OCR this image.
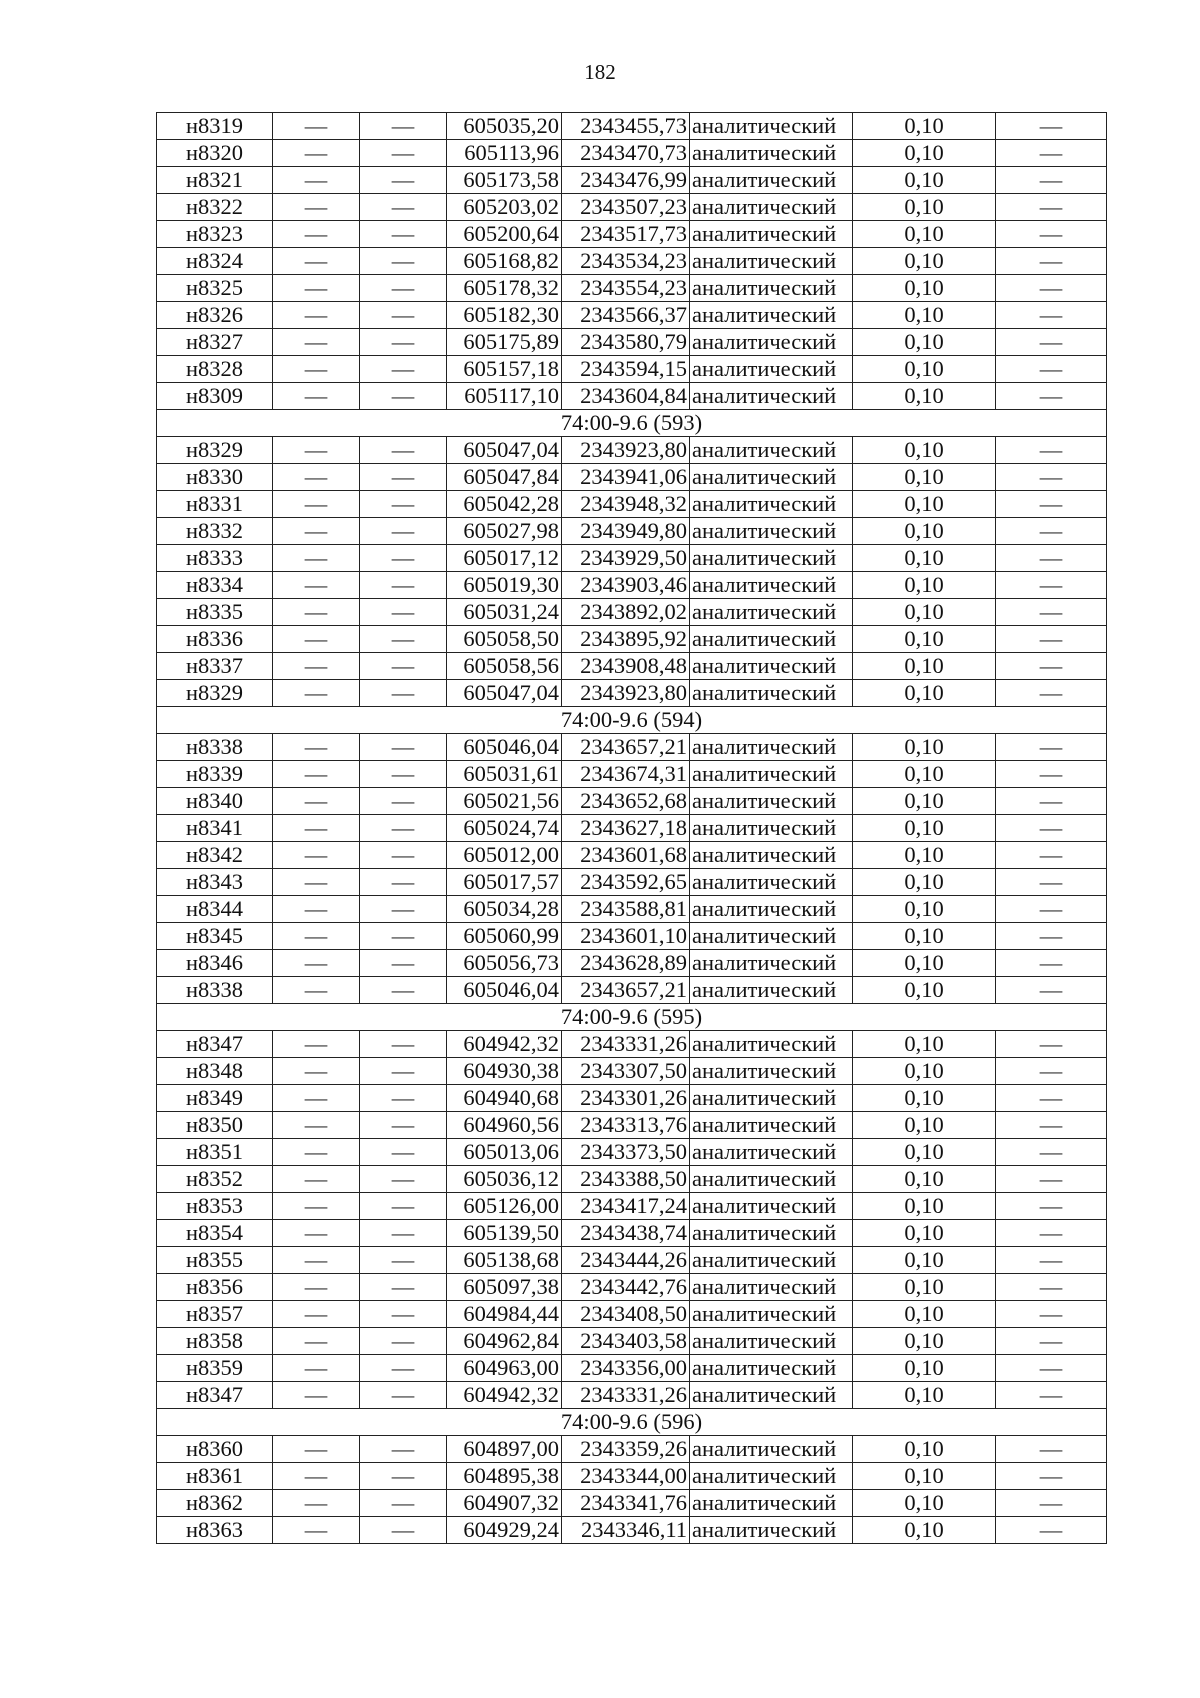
182
н8319	—	—	605035,20	2343455,73	аналитический	0,10	—
н8320	—	—	605113,96	2343470,73	аналитический	0,10	—
н8321	—	—	605173,58	2343476,99	аналитический	0,10	—
н8322	—	—	605203,02	2343507,23	аналитический	0,10	—
н8323	—	—	605200,64	2343517,73	аналитический	0,10	—
н8324	—	—	605168,82	2343534,23	аналитический	0,10	—
н8325	—	—	605178,32	2343554,23	аналитический	0,10	—
н8326	—	—	605182,30	2343566,37	аналитический	0,10	—
н8327	—	—	605175,89	2343580,79	аналитический	0,10	—
н8328	—	—	605157,18	2343594,15	аналитический	0,10	—
н8309	—	—	605117,10	2343604,84	аналитический	0,10	—
74:00-9.6 (593)							
н8329	—	—	605047,04	2343923,80	аналитический	0,10	—
н8330	—	—	605047,84	2343941,06	аналитический	0,10	—
н8331	—	—	605042,28	2343948,32	аналитический	0,10	—
н8332	—	—	605027,98	2343949,80	аналитический	0,10	—
н8333	—	—	605017,12	2343929,50	аналитический	0,10	—
н8334	—	—	605019,30	2343903,46	аналитический	0,10	—
н8335	—	—	605031,24	2343892,02	аналитический	0,10	—
н8336	—	—	605058,50	2343895,92	аналитический	0,10	—
н8337	—	—	605058,56	2343908,48	аналитический	0,10	—
н8329	—	—	605047,04	2343923,80	аналитический	0,10	—
74:00-9.6 (594)							
н8338	—	—	605046,04	2343657,21	аналитический	0,10	—
н8339	—	—	605031,61	2343674,31	аналитический	0,10	—
н8340	—	—	605021,56	2343652,68	аналитический	0,10	—
н8341	—	—	605024,74	2343627,18	аналитический	0,10	—
н8342	—	—	605012,00	2343601,68	аналитический	0,10	—
н8343	—	—	605017,57	2343592,65	аналитический	0,10	—
н8344	—	—	605034,28	2343588,81	аналитический	0,10	—
н8345	—	—	605060,99	2343601,10	аналитический	0,10	—
н8346	—	—	605056,73	2343628,89	аналитический	0,10	—
н8338	—	—	605046,04	2343657,21	аналитический	0,10	—
74:00-9.6 (595)							
н8347	—	—	604942,32	2343331,26	аналитический	0,10	—
н8348	—	—	604930,38	2343307,50	аналитический	0,10	—
н8349	—	—	604940,68	2343301,26	аналитический	0,10	—
н8350	—	—	604960,56	2343313,76	аналитический	0,10	—
н8351	—	—	605013,06	2343373,50	аналитический	0,10	—
н8352	—	—	605036,12	2343388,50	аналитический	0,10	—
н8353	—	—	605126,00	2343417,24	аналитический	0,10	—
н8354	—	—	605139,50	2343438,74	аналитический	0,10	—
н8355	—	—	605138,68	2343444,26	аналитический	0,10	—
н8356	—	—	605097,38	2343442,76	аналитический	0,10	—
н8357	—	—	604984,44	2343408,50	аналитический	0,10	—
н8358	—	—	604962,84	2343403,58	аналитический	0,10	—
н8359	—	—	604963,00	2343356,00	аналитический	0,10	—
н8347	—	—	604942,32	2343331,26	аналитический	0,10	—
74:00-9.6 (596)							
н8360	—	—	604897,00	2343359,26	аналитический	0,10	—
н8361	—	—	604895,38	2343344,00	аналитический	0,10	—
н8362	—	—	604907,32	2343341,76	аналитический	0,10	—
н8363	—	—	604929,24	2343346,11	аналитический	0,10	—
